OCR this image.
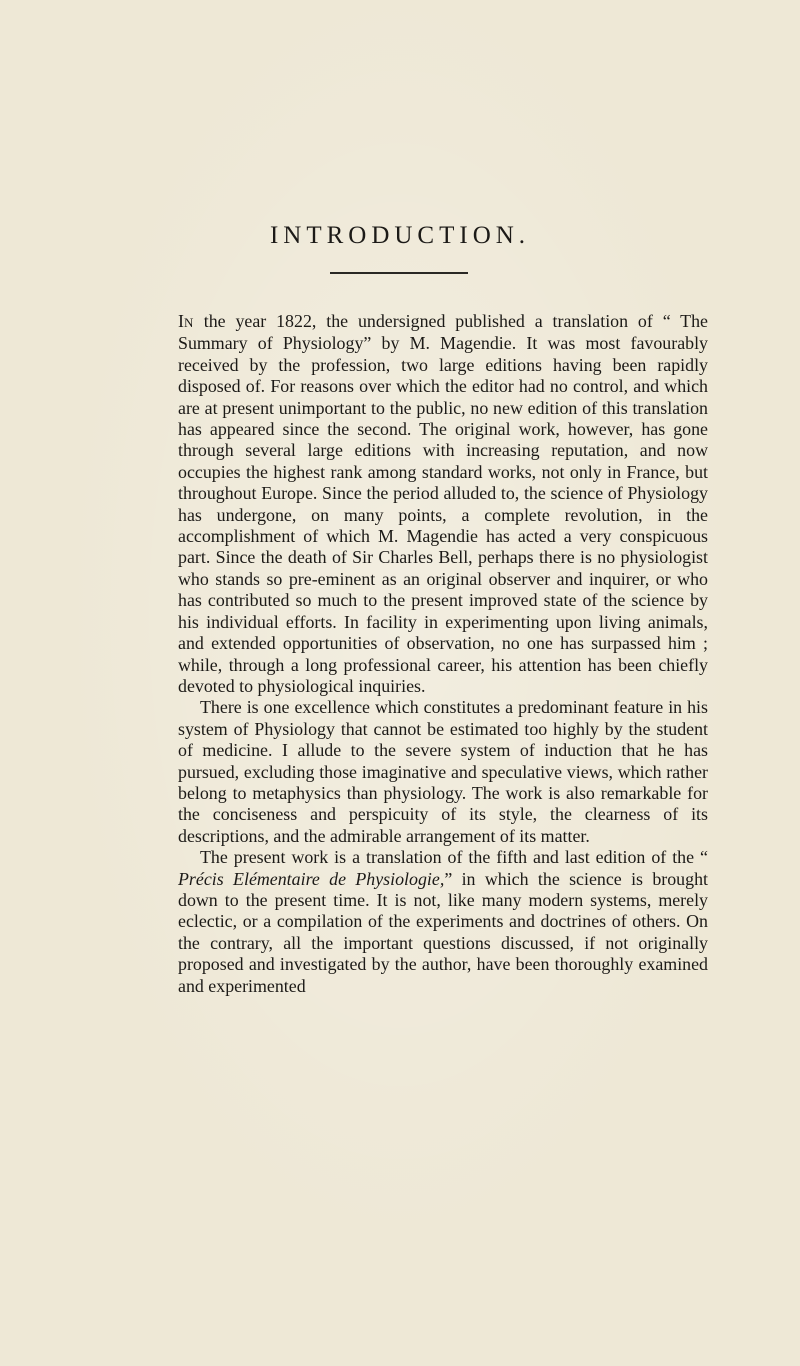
INTRODUCTION.

IN the year 1822, the undersigned published a translation of “ The Summary of Physiology” by M. Magendie. It was most favourably received by the profession, two large editions having been rapidly disposed of. For reasons over which the editor had no control, and which are at present unimportant to the public, no new edition of this translation has appeared since the second. The original work, however, has gone through several large editions with increasing reputation, and now occupies the highest rank among standard works, not only in France, but throughout Europe. Since the period alluded to, the science of Physiology has undergone, on many points, a complete revolution, in the accomplishment of which M. Magendie has acted a very conspicuous part. Since the death of Sir Charles Bell, perhaps there is no physiologist who stands so pre-eminent as an original observer and inquirer, or who has contributed so much to the present improved state of the science by his individual efforts. In facility in experimenting upon living animals, and extended opportunities of observation, no one has surpassed him ; while, through a long professional career, his attention has been chiefly devoted to physiological inquiries.

There is one excellence which constitutes a predominant feature in his system of Physiology that cannot be estimated too highly by the student of medicine. I allude to the severe system of induction that he has pursued, excluding those imaginative and speculative views, which rather belong to metaphysics than physiology. The work is also remarkable for the conciseness and perspicuity of its style, the clearness of its descriptions, and the admirable arrangement of its matter.

The present work is a translation of the fifth and last edition of the “ Précis Elémentaire de Physiologie,” in which the science is brought down to the present time. It is not, like many modern systems, merely eclectic, or a compilation of the experiments and doctrines of others. On the contrary, all the important questions discussed, if not originally proposed and investigated by the author, have been thoroughly examined and experimented
